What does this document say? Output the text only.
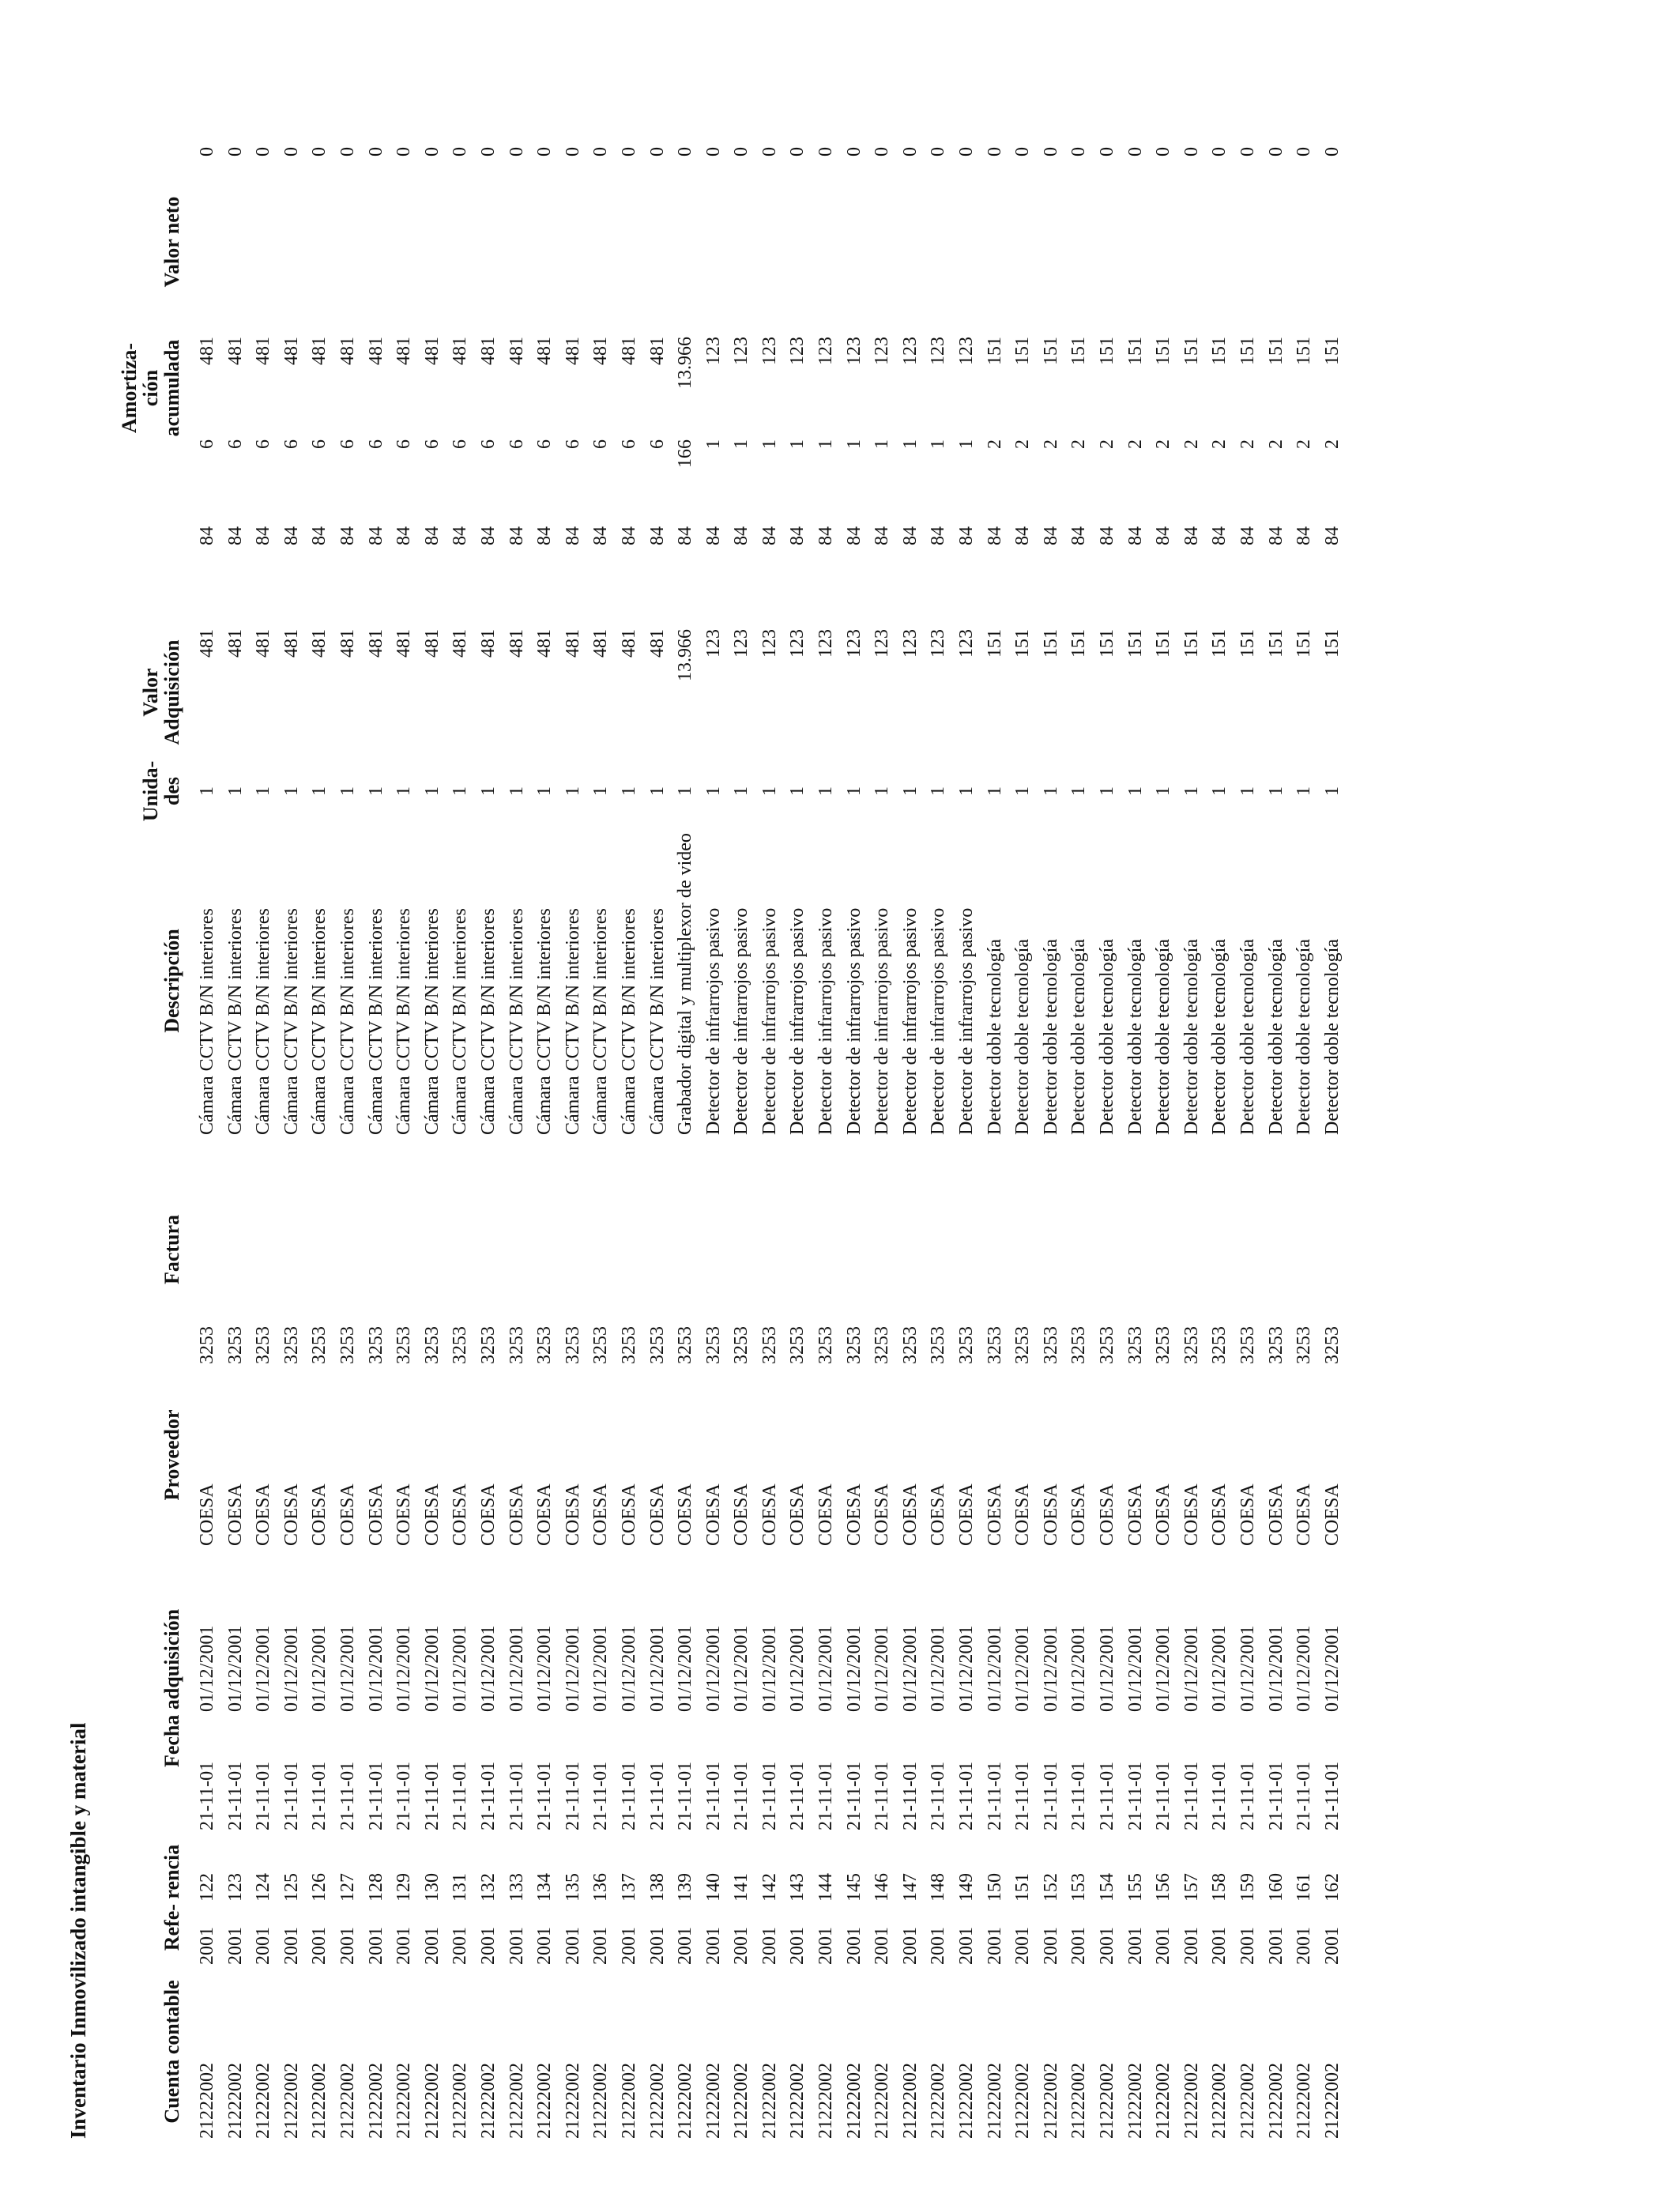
Inventario Inmovilizado intangible y material	Cuenta contable	Refe- rencia		Fecha adquisición		Proveedor	Factura	Descripción	Unida- des	Valor Adquisición			Amortiza- ción acumulada	Valor neto
21222002	2001	122	21-11-01	01/12/2001	COESA	3253	Cámara CCTV B/N interiores	1	481	84	6	481	0
21222002	2001	123	21-11-01	01/12/2001	COESA	3253	Cámara CCTV B/N interiores	1	481	84	6	481	0
21222002	2001	124	21-11-01	01/12/2001	COESA	3253	Cámara CCTV B/N interiores	1	481	84	6	481	0
21222002	2001	125	21-11-01	01/12/2001	COESA	3253	Cámara CCTV B/N interiores	1	481	84	6	481	0
21222002	2001	126	21-11-01	01/12/2001	COESA	3253	Cámara CCTV B/N interiores	1	481	84	6	481	0
21222002	2001	127	21-11-01	01/12/2001	COESA	3253	Cámara CCTV B/N interiores	1	481	84	6	481	0
21222002	2001	128	21-11-01	01/12/2001	COESA	3253	Cámara CCTV B/N interiores	1	481	84	6	481	0
21222002	2001	129	21-11-01	01/12/2001	COESA	3253	Cámara CCTV B/N interiores	1	481	84	6	481	0
21222002	2001	130	21-11-01	01/12/2001	COESA	3253	Cámara CCTV B/N interiores	1	481	84	6	481	0
21222002	2001	131	21-11-01	01/12/2001	COESA	3253	Cámara CCTV B/N interiores	1	481	84	6	481	0
21222002	2001	132	21-11-01	01/12/2001	COESA	3253	Cámara CCTV B/N interiores	1	481	84	6	481	0
21222002	2001	133	21-11-01	01/12/2001	COESA	3253	Cámara CCTV B/N interiores	1	481	84	6	481	0
21222002	2001	134	21-11-01	01/12/2001	COESA	3253	Cámara CCTV B/N interiores	1	481	84	6	481	0
21222002	2001	135	21-11-01	01/12/2001	COESA	3253	Cámara CCTV B/N interiores	1	481	84	6	481	0
21222002	2001	136	21-11-01	01/12/2001	COESA	3253	Cámara CCTV B/N interiores	1	481	84	6	481	0
21222002	2001	137	21-11-01	01/12/2001	COESA	3253	Cámara CCTV B/N interiores	1	481	84	6	481	0
21222002	2001	138	21-11-01	01/12/2001	COESA	3253	Cámara CCTV B/N interiores	1	481	84	6	481	0
21222002	2001	139	21-11-01	01/12/2001	COESA	3253	Grabador digital y multiplexor de video	1	13.966	84	166	13.966	0
21222002	2001	140	21-11-01	01/12/2001	COESA	3253	Detector de infrarrojos pasivo	1	123	84	1	123	0
21222002	2001	141	21-11-01	01/12/2001	COESA	3253	Detector de infrarrojos pasivo	1	123	84	1	123	0
21222002	2001	142	21-11-01	01/12/2001	COESA	3253	Detector de infrarrojos pasivo	1	123	84	1	123	0
21222002	2001	143	21-11-01	01/12/2001	COESA	3253	Detector de infrarrojos pasivo	1	123	84	1	123	0
21222002	2001	144	21-11-01	01/12/2001	COESA	3253	Detector de infrarrojos pasivo	1	123	84	1	123	0
21222002	2001	145	21-11-01	01/12/2001	COESA	3253	Detector de infrarrojos pasivo	1	123	84	1	123	0
21222002	2001	146	21-11-01	01/12/2001	COESA	3253	Detector de infrarrojos pasivo	1	123	84	1	123	0
21222002	2001	147	21-11-01	01/12/2001	COESA	3253	Detector de infrarrojos pasivo	1	123	84	1	123	0
21222002	2001	148	21-11-01	01/12/2001	COESA	3253	Detector de infrarrojos pasivo	1	123	84	1	123	0
21222002	2001	149	21-11-01	01/12/2001	COESA	3253	Detector de infrarrojos pasivo	1	123	84	1	123	0
21222002	2001	150	21-11-01	01/12/2001	COESA	3253	Detector doble tecnología	1	151	84	2	151	0
21222002	2001	151	21-11-01	01/12/2001	COESA	3253	Detector doble tecnología	1	151	84	2	151	0
21222002	2001	152	21-11-01	01/12/2001	COESA	3253	Detector doble tecnología	1	151	84	2	151	0
21222002	2001	153	21-11-01	01/12/2001	COESA	3253	Detector doble tecnología	1	151	84	2	151	0
21222002	2001	154	21-11-01	01/12/2001	COESA	3253	Detector doble tecnología	1	151	84	2	151	0
21222002	2001	155	21-11-01	01/12/2001	COESA	3253	Detector doble tecnología	1	151	84	2	151	0
21222002	2001	156	21-11-01	01/12/2001	COESA	3253	Detector doble tecnología	1	151	84	2	151	0
21222002	2001	157	21-11-01	01/12/2001	COESA	3253	Detector doble tecnología	1	151	84	2	151	0
21222002	2001	158	21-11-01	01/12/2001	COESA	3253	Detector doble tecnología	1	151	84	2	151	0
21222002	2001	159	21-11-01	01/12/2001	COESA	3253	Detector doble tecnología	1	151	84	2	151	0
21222002	2001	160	21-11-01	01/12/2001	COESA	3253	Detector doble tecnología	1	151	84	2	151	0
21222002	2001	161	21-11-01	01/12/2001	COESA	3253	Detector doble tecnología	1	151	84	2	151	0
21222002	2001	162	21-11-01	01/12/2001	COESA	3253	Detector doble tecnología	1	151	84	2	151	0
